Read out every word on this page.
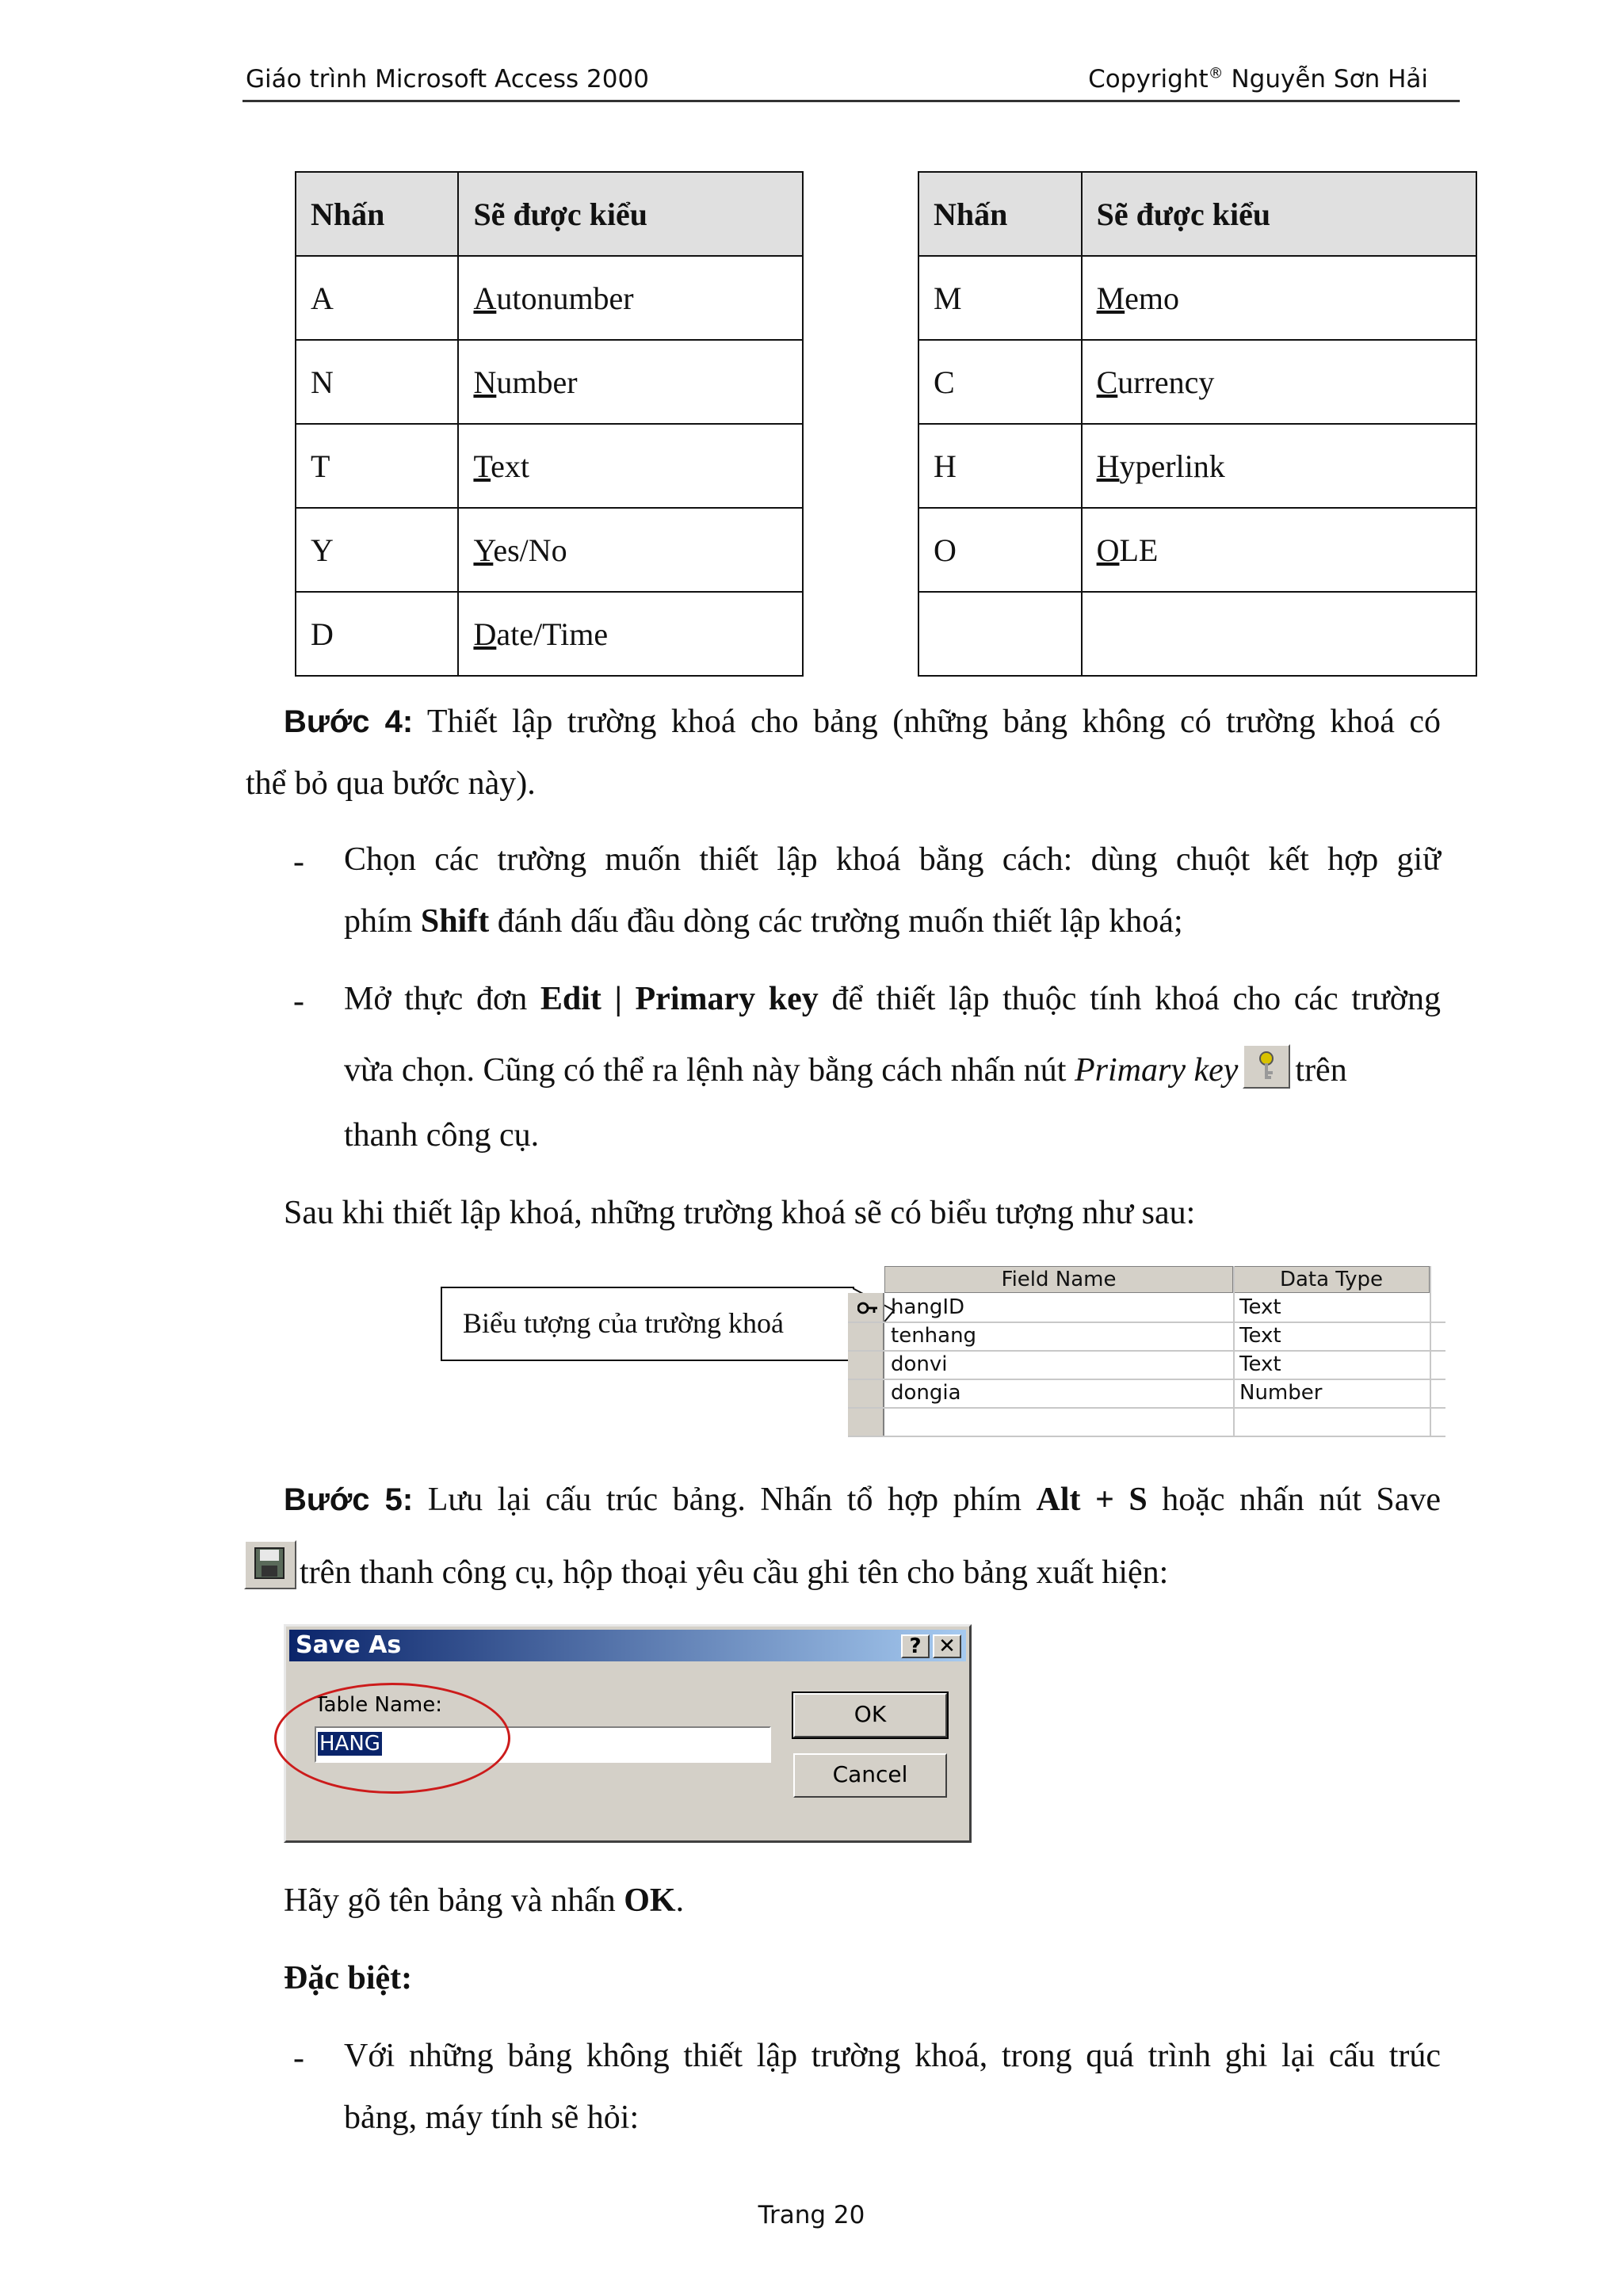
Giáo trình Microsoft Access 2000	Copyright® Nguyễn Sơn Hải
Nhấn	Sẽ được kiểu
A	Autonumber
N	Number
T	Text
Y	Yes/No
D	Date/Time
Nhấn	Sẽ được kiểu
M	Memo
C	Currency
H	Hyperlink
O	OLE

Bước 4: Thiết lập trường khoá cho bảng (những bảng không có trường khoá có
thể bỏ qua bước này).
- Chọn các trường muốn thiết lập khoá bằng cách: dùng chuột kết hợp giữ
phím Shift đánh dấu đầu dòng các trường muốn thiết lập khoá;
- Mở thực đơn Edit | Primary key để thiết lập thuộc tính khoá cho các trường
vừa chọn. Cũng có thể ra lệnh này bằng cách nhấn nút Primary key trên
thanh công cụ.
Sau khi thiết lập khoá, những trường khoá sẽ có biểu tượng như sau:
Biểu tượng của trường khoá
Field Name	Data Type
hangID	Text
tenhang	Text
donvi	Text
dongia	Number
Bước 5: Lưu lại cấu trúc bảng. Nhấn tổ hợp phím Alt + S hoặc nhấn nút Save
trên thanh công cụ, hộp thoại yêu cầu ghi tên cho bảng xuất hiện:
Save As	? ✕
Table Name:
HANG
OK
Cancel
Hãy gõ tên bảng và nhấn OK.
Đặc biệt:
- Với những bảng không thiết lập trường khoá, trong quá trình ghi lại cấu trúc
bảng, máy tính sẽ hỏi:
Trang 20
